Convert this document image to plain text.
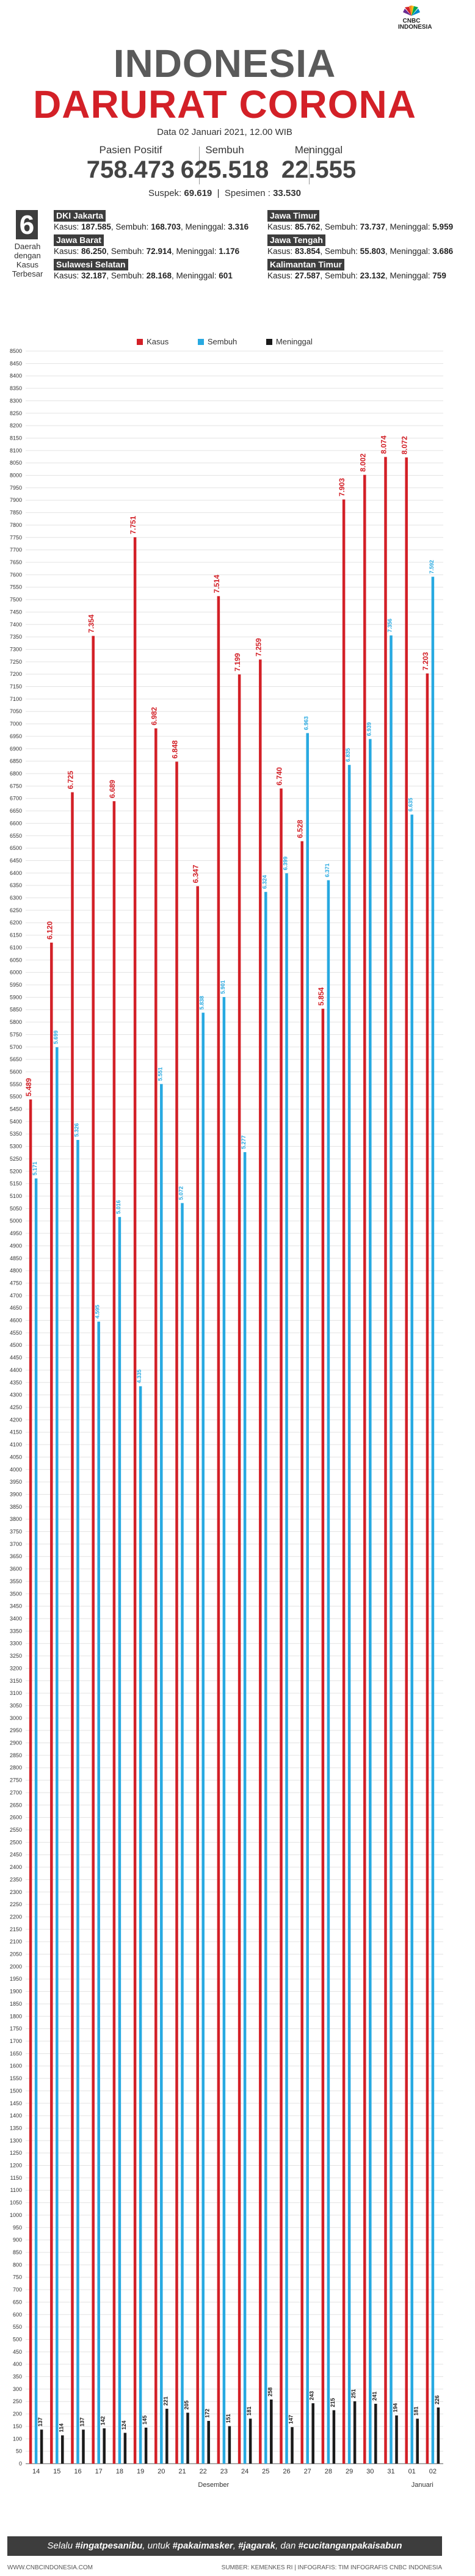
CNBC INDONESIA
INDONESIA
DARURAT CORONA
Data 02 Januari 2021, 12.00 WIB
Pasien Positif
758.473
Sembuh
625.518
Meninggal
22.555
Suspek: 69.619  |  Spesimen : 33.530
6
Daerah dengan Kasus Terbesar
DKI Jakarta
Kasus: 187.585, Sembuh: 168.703, Meninggal: 3.316
Jawa Timur
Kasus: 85.762, Sembuh: 73.737, Meninggal: 5.959
Jawa Barat
Kasus: 86.250, Sembuh: 72.914, Meninggal: 1.176
Jawa Tengah
Kasus: 83.854, Sembuh: 55.803, Meninggal: 3.686
Sulawesi Selatan
Kasus: 32.187, Sembuh: 28.168, Meninggal: 601
Kalimantan Timur
Kasus: 27.587, Sembuh: 23.132, Meninggal: 759
Kasus	Sembuh	Meninggal
0
50
100
150
200
250
300
350
400
450
500
550
600
650
700
750
800
850
900
950
1000
1050
1100
1150
1200
1250
1300
1350
1400
1450
1500
1550
1600
1650
1700
1750
1800
1850
1900
1950
2000
2050
2100
2150
2200
2250
2300
2350
2400
2450
2500
2550
2600
2650
2700
2750
2800
2850
2900
2950
3000
3050
3100
3150
3200
3250
3300
3350
3400
3450
3500
3550
3600
3650
3700
3750
3800
3850
3900
3950
4000
4050
4100
4150
4200
4250
4300
4350
4400
4450
4500
4550
4600
4650
4700
4750
4800
4850
4900
4950
5000
5050
5100
5150
5200
5250
5300
5350
5400
5450
5500
5550
5600
5650
5700
5750
5800
5850
5900
5950
6000
6050
6100
6150
6200
6250
6300
6350
6400
6450
6500
6550
6600
6650
6700
6750
6800
6850
6900
6950
7000
7050
7100
7150
7200
7250
7300
7350
7400
7450
7500
7550
7600
7650
7700
7750
7800
7850
7900
7950
8000
8050
8100
8150
8200
8250
8300
8350
8400
8450
8500
5.489
5.171
137
14
6.120
5.699
114
15
6.725
5.326
137
16
7.354
4.595
142
17
6.689
5.016
124
18
7.751
4.335
145
19
6.982
5.551
221
20
6.848
5.072
205
21
6.347
5.838
172
22
7.514
5.901
151
23
7.199
5.277
181
24
7.259
6.324
258
25
6.740
6.399
147
26
6.528
6.963
243
27
5.854
6.371
215
28
7.903
6.835
251
29
8.002
6.939
241
30
8.074
7.356
194
31
8.072
6.635
181
01
7.203
7.592
226
02
Desember	Januari
Selalu #ingatpesanibu, untuk #pakaimasker, #jagarak, dan #cucitanganpakaisabun
WWW.CNBCINDONESIA.COM	SUMBER: KEMENKES RI | INFOGRAFIS: TIM INFOGRAFIS CNBC INDONESIA
